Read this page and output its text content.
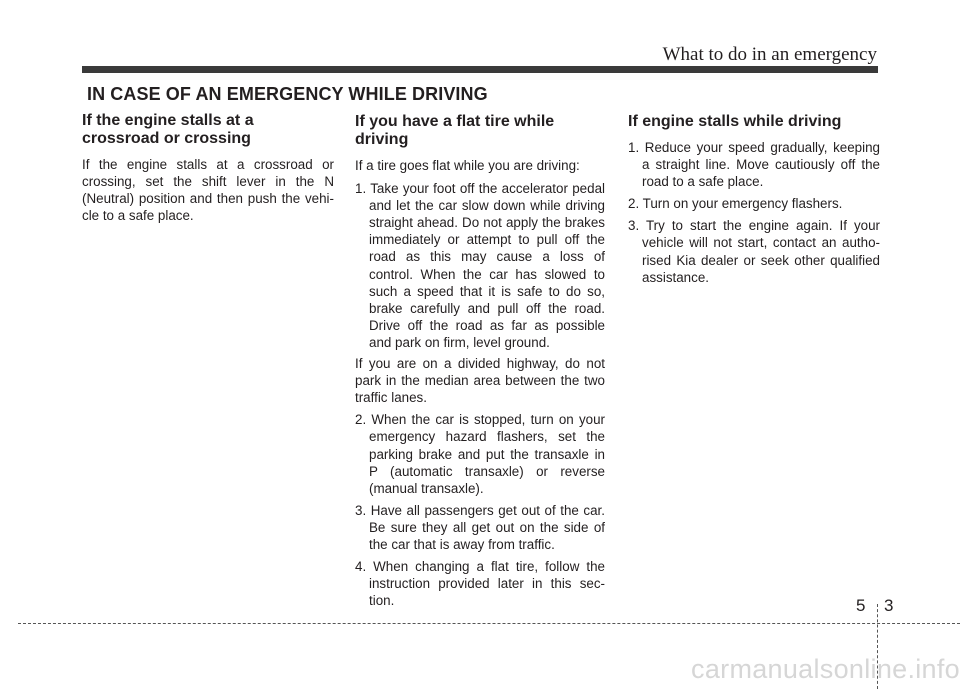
What to do in an emergency
IN CASE OF AN EMERGENCY WHILE DRIVING
If the engine stalls at a crossroad or crossing

If the engine stalls at a crossroad or crossing, set the shift lever in the N (Neutral) position and then push the vehi-cle to a safe place.

If you have a flat tire while driving

If a tire goes flat while you are driving:

1. Take your foot off the accelerator pedal and let the car slow down while driving straight ahead. Do not apply the brakes immediately or attempt to pull off the road as this may cause a loss of control. When the car has slowed to such a speed that it is safe to do so, brake carefully and pull off the road. Drive off the road as far as possible and park on firm, level ground.

If you are on a divided highway, do not park in the median area between the two traffic lanes.

2. When the car is stopped, turn on your emergency hazard flashers, set the parking brake and put the transaxle in P (automatic transaxle) or reverse (manual transaxle).
3. Have all passengers get out of the car. Be sure they all get out on the side of the car that is away from traffic.
4. When changing a flat tire, follow the instruction provided later in this sec-tion.
If engine stalls while driving
1. Reduce your speed gradually, keeping a straight line. Move cautiously off the road to a safe place.
2. Turn on your emergency flashers.
3. Try to start the engine again. If your vehicle will not start, contact an autho-rised Kia dealer or seek other qualified assistance.
5 3
carmanualsonline.info
